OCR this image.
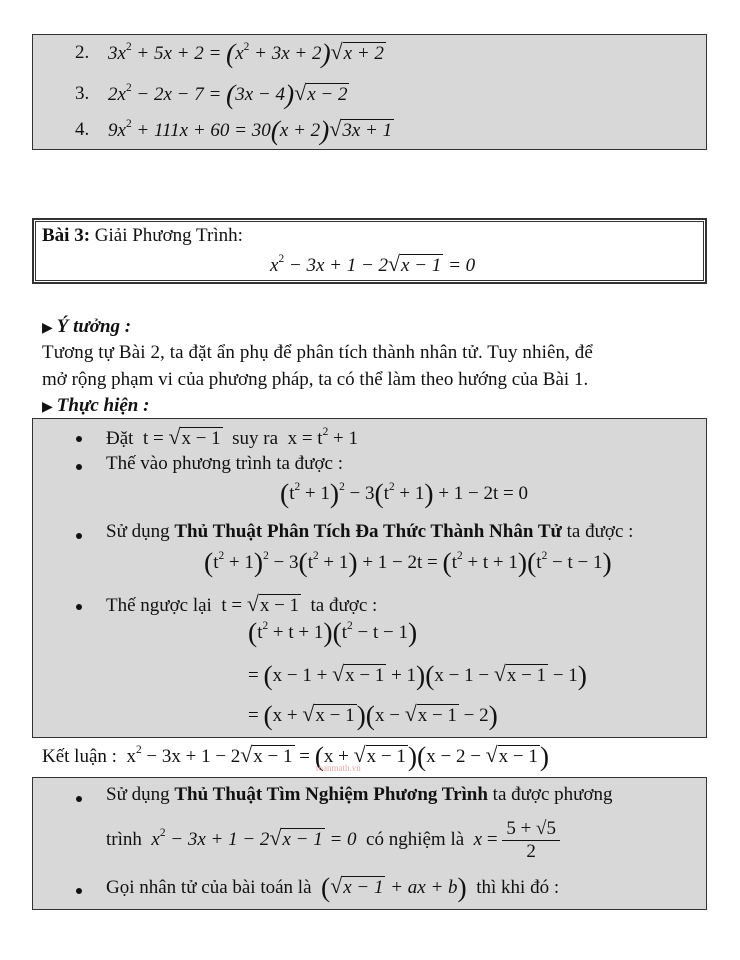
2. $3x^2 + 5x + 2 = (x^2 + 3x + 2)√x + 2$
3. $2x^2 - 2x - 7 = (3x - 4)√x - 2$
4. $9x^2 + 111x + 60 = 30(x + 2)√3x + 1$
Bài 3: Giải Phương Trình:
$x^2 - 3x + 1 - 2√x - 1 = 0$
▶ Ý tưởng :
Tương tự Bài 2, ta đặt ẩn phụ để phân tích thành nhân tử. Tuy nhiên, để
mở rộng phạm vi của phương pháp, ta có thể làm theo hướng của Bài 1.
▶ Thực hiện :
Đặt  t = √x − 1 suy ra  $x = t^2 + 1$
Thế vào phương trình ta được :
$(t^2 + 1)^2 - 3(t^2 + 1) + 1 - 2t = 0$
Sử dụng Thủ Thuật Phân Tích Đa Thức Thành Nhân Tử ta được :
$(t^2 + 1)^2 - 3(t^2 + 1) + 1 - 2t = (t^2 + t + 1)(t^2 - t - 1)$
Thế ngược lại  t = √x − 1 ta được :
$(t^2 + t + 1)(t^2 - t - 1)$
= (x − 1 + √x − 1 + 1)(x − 1 − √x − 1 − 1)
= (x + √x − 1)(x − √x − 1 − 2)
Kết luận :  $x^2 - 3x + 1 - 2√x - 1 = (x + √x - 1)(x - 2 - √x - 1)$
toanmath.vn
Sử dụng Thủ Thuật Tìm Nghiệm Phương Trình ta được phương
trình $x^2 - 3x + 1 - 2√x - 1 = 0$ có nghiệm là $x = \frac{5 + √5}{2}$
Gọi nhân tử của bài toán là (√x − 1 + ax + b) thì khi đó :
